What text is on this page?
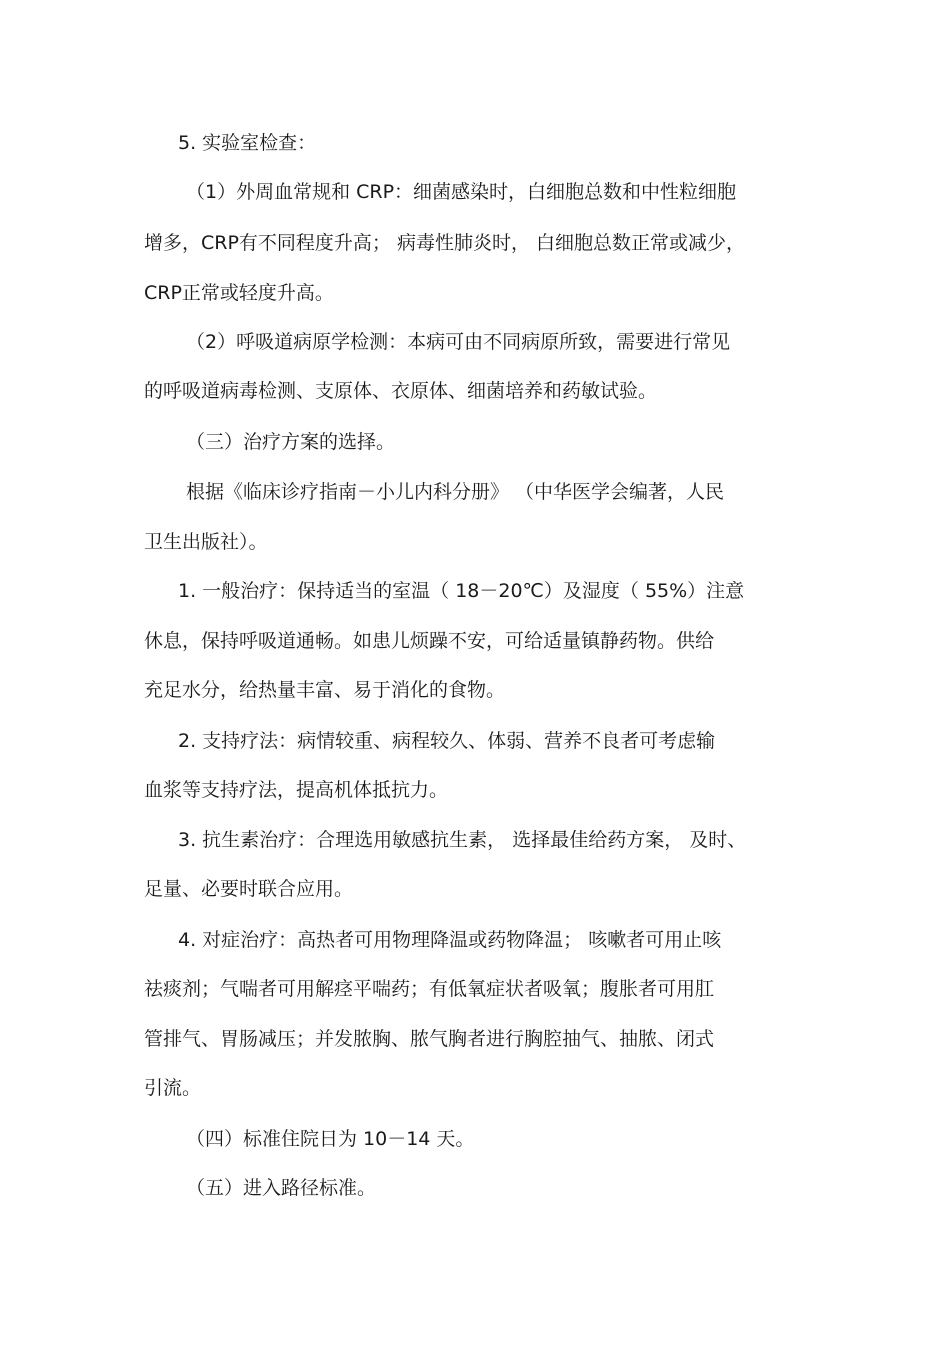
5. 实验室检查：
（1）外周血常规和 CRP：细菌感染时，白细胞总数和中性粒细胞
增多，CRP有不同程度升高； 病毒性肺炎时， 白细胞总数正常或减少，
CRP正常或轻度升高。
（2）呼吸道病原学检测：本病可由不同病原所致，需要进行常见
的呼吸道病毒检测、支原体、衣原体、细菌培养和药敏试验。
（三）治疗方案的选择。
根据《临床诊疗指南－小儿内科分册》 （中华医学会编著，人民
卫生出版社）。
1. 一般治疗：保持适当的室温（ 18－20℃）及湿度（ 55%）注意
休息，保持呼吸道通畅。如患儿烦躁不安，可给适量镇静药物。供给
充足水分，给热量丰富、易于消化的食物。
2. 支持疗法：病情较重、病程较久、体弱、营养不良者可考虑输
血浆等支持疗法，提高机体抵抗力。
3. 抗生素治疗：合理选用敏感抗生素， 选择最佳给药方案， 及时、
足量、必要时联合应用。
4. 对症治疗：高热者可用物理降温或药物降温； 咳嗽者可用止咳
祛痰剂；气喘者可用解痉平喘药；有低氧症状者吸氧；腹胀者可用肛
管排气、胃肠减压；并发脓胸、脓气胸者进行胸腔抽气、抽脓、闭式
引流。
（四）标准住院日为 10－14 天。
（五）进入路径标准。
